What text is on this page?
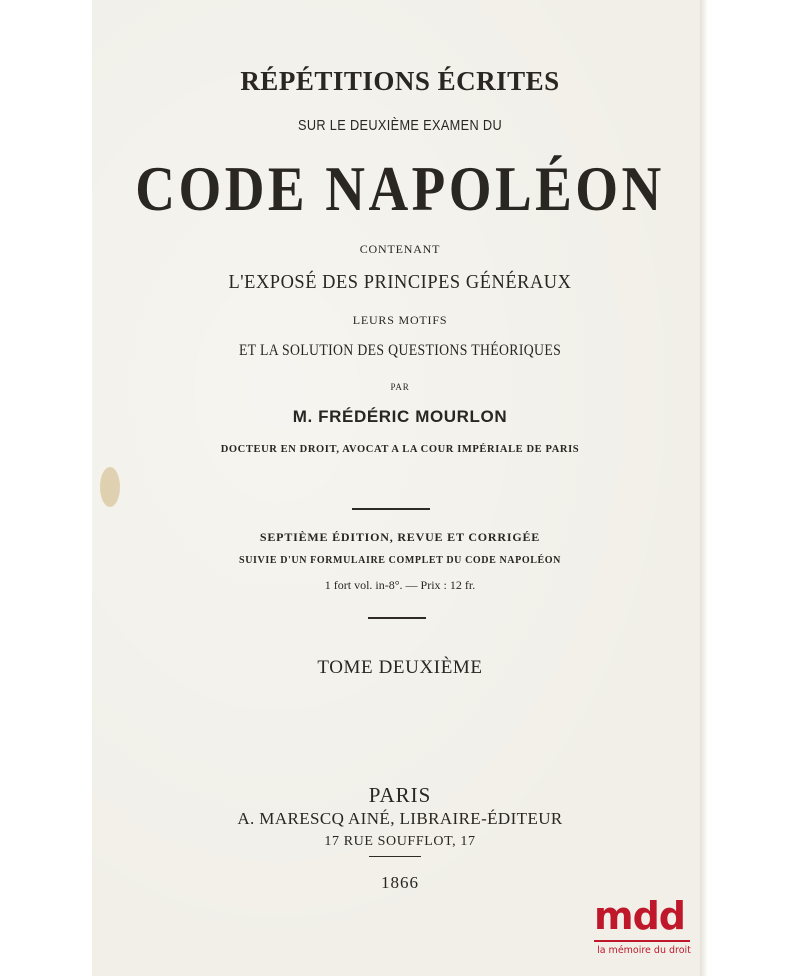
RÉPÉTITIONS ÉCRITES
SUR LE DEUXIÈME EXAMEN DU
CODE NAPOLÉON
CONTENANT
L'EXPOSÉ DES PRINCIPES GÉNÉRAUX
LEURS MOTIFS
ET LA SOLUTION DES QUESTIONS THÉORIQUES
PAR
M. FRÉDÉRIC MOURLON
DOCTEUR EN DROIT, AVOCAT A LA COUR IMPÉRIALE DE PARIS
SEPTIÈME ÉDITION, REVUE ET CORRIGÉE
SUIVIE D'UN FORMULAIRE COMPLET DU CODE NAPOLÉON
1 fort vol. in-8°. — Prix : 12 fr.
TOME DEUXIÈME
PARIS
A. MARESCQ AINÉ, LIBRAIRE-ÉDITEUR
17 RUE SOUFFLOT, 17
1866
mdd
la mémoire du droit
